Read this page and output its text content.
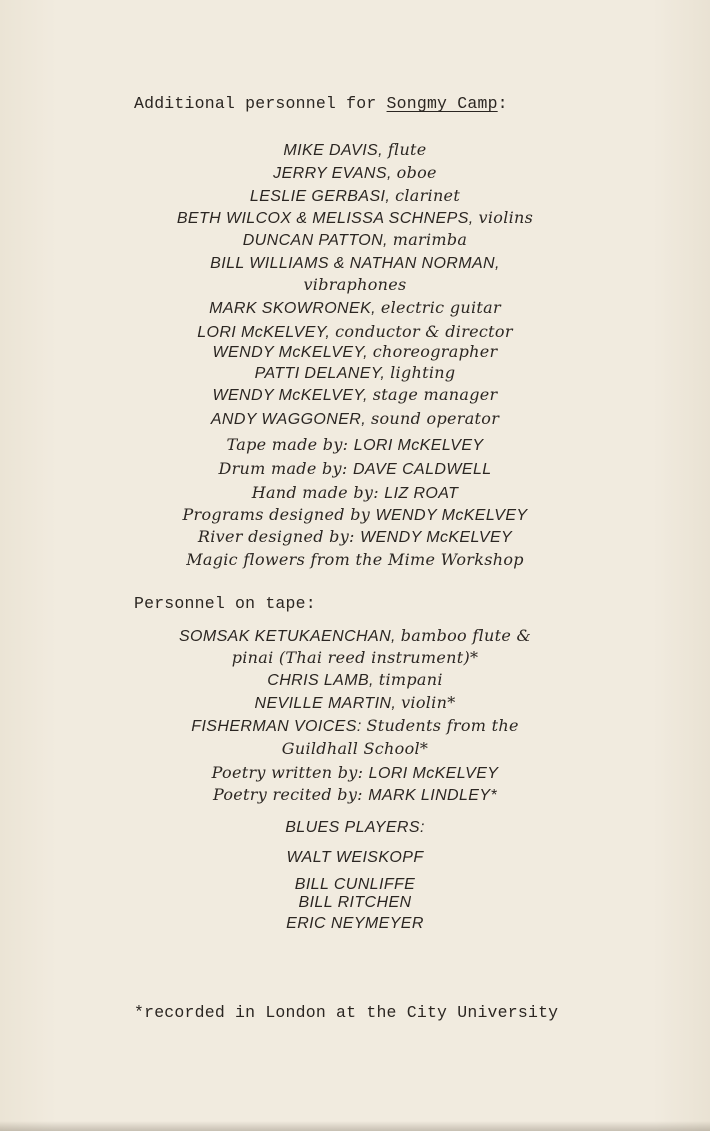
Additional personnel for Songmy Camp:
MIKE DAVIS, flute
JERRY EVANS, oboe
LESLIE GERBASI, clarinet
BETH WILCOX & MELISSA SCHNEPS, violins
DUNCAN PATTON, marimba
BILL WILLIAMS & NATHAN NORMAN,
vibraphones
MARK SKOWRONEK, electric guitar
LORI McKELVEY, conductor & director
WENDY McKELVEY, choreographer
PATTI DELANEY, lighting
WENDY McKELVEY, stage manager
ANDY WAGGONER, sound operator
Tape made by: LORI McKELVEY
Drum made by: DAVE CALDWELL
Hand made by: LIZ ROAT
Programs designed by WENDY McKELVEY
River designed by: WENDY McKELVEY
Magic flowers from the Mime Workshop
Personnel on tape:
SOMSAK KETUKAENCHAN, bamboo flute &
pinai (Thai reed instrument)*
CHRIS LAMB, timpani
NEVILLE MARTIN, violin*
FISHERMAN VOICES: Students from the
Guildhall School*
Poetry written by: LORI McKELVEY
Poetry recited by: MARK LINDLEY*
BLUES PLAYERS:
WALT WEISKOPF
BILL CUNLIFFE
BILL RITCHEN
ERIC NEYMEYER
*recorded in London at the City University
